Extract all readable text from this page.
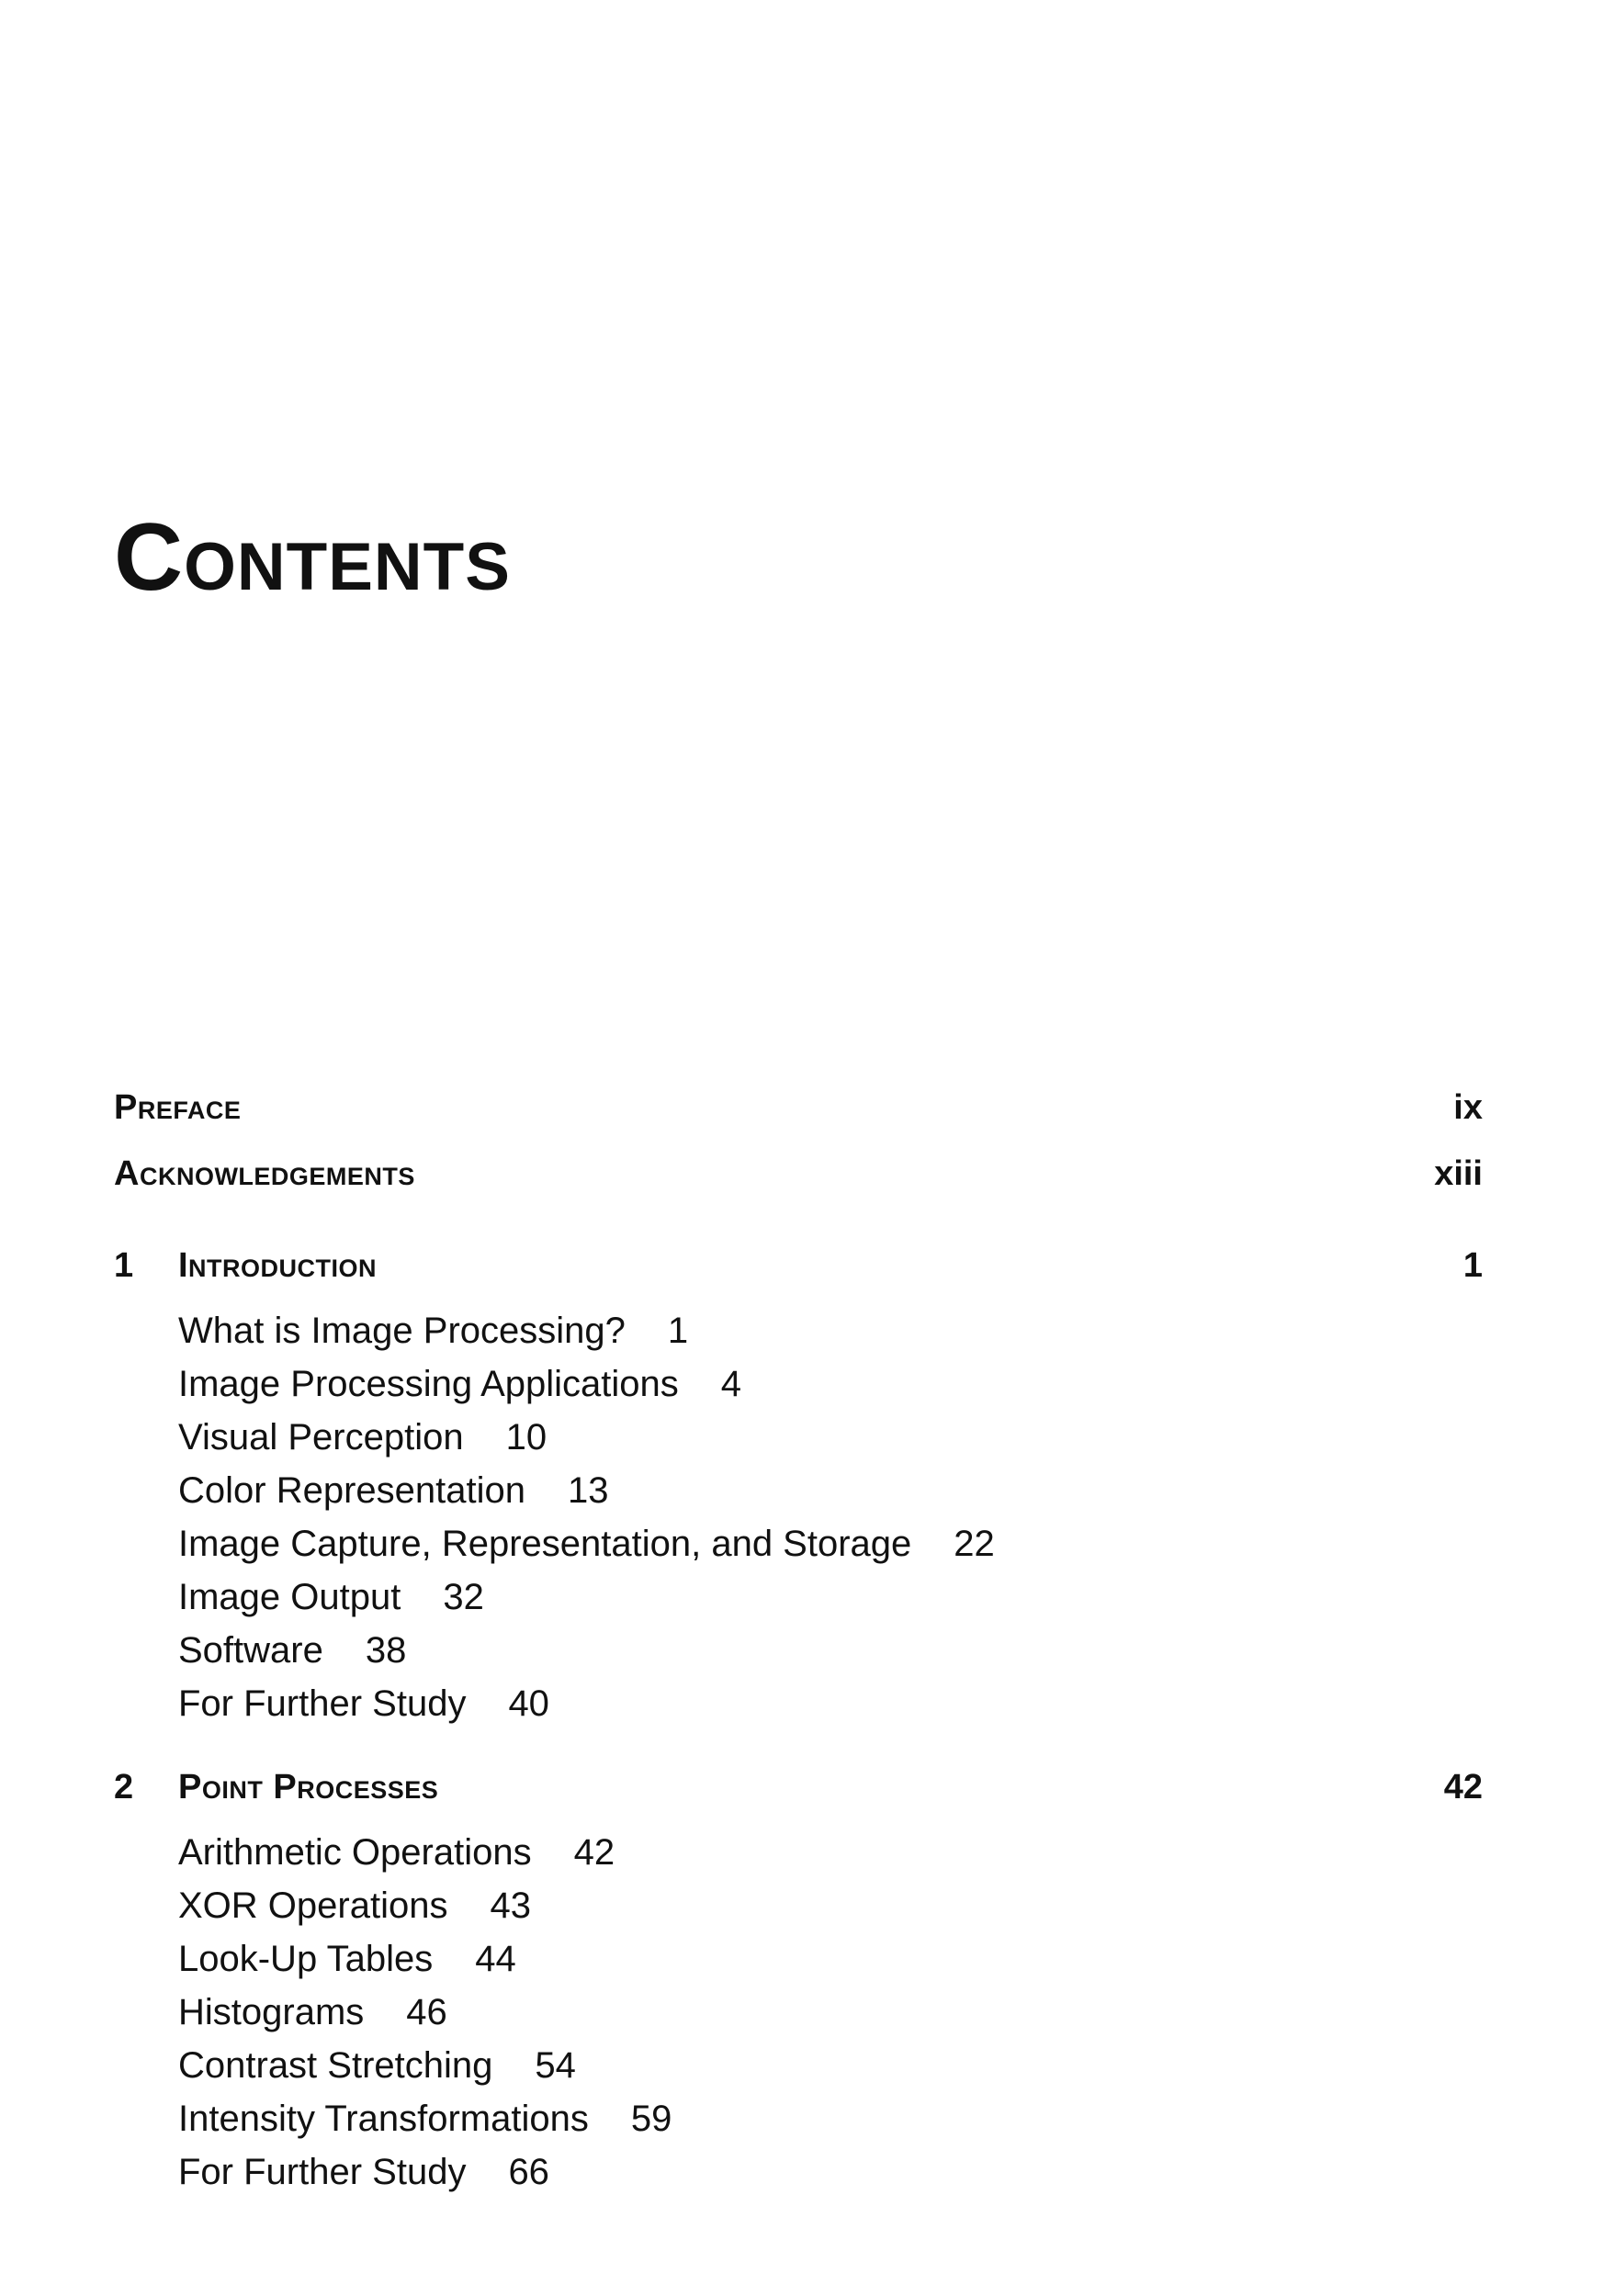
Contents
Preface	ix
Acknowledgements	xiii
1	Introduction	1
What is Image Processing? 1
Image Processing Applications 4
Visual Perception 10
Color Representation 13
Image Capture, Representation, and Storage 22
Image Output 32
Software 38
For Further Study 40
2	Point Processes	42
Arithmetic Operations 42
XOR Operations 43
Look-Up Tables 44
Histograms 46
Contrast Stretching 54
Intensity Transformations 59
For Further Study 66
